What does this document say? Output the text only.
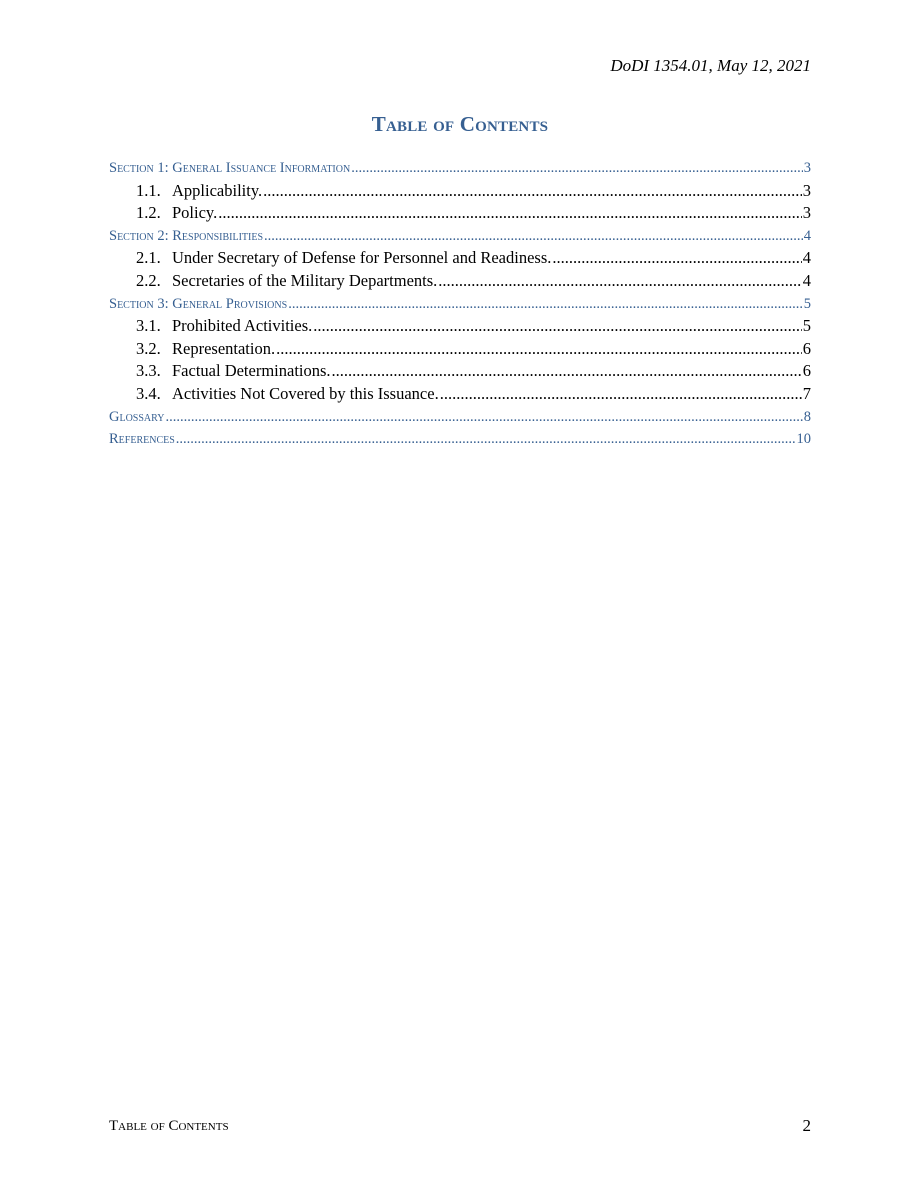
DoDI 1354.01, May 12, 2021
Table of Contents
Section 1: General Issuance Information .....	3
1.1. Applicability. .....	3
1.2. Policy. .....	3
Section 2: Responsibilities .....	4
2.1. Under Secretary of Defense for Personnel and Readiness. .....	4
2.2. Secretaries of the Military Departments. .....	4
Section 3: General Provisions .....	5
3.1. Prohibited Activities. .....	5
3.2. Representation. .....	6
3.3. Factual Determinations. .....	6
3.4. Activities Not Covered by this Issuance. .....	7
Glossary .....	8
References .....	10
Table of Contents	2
